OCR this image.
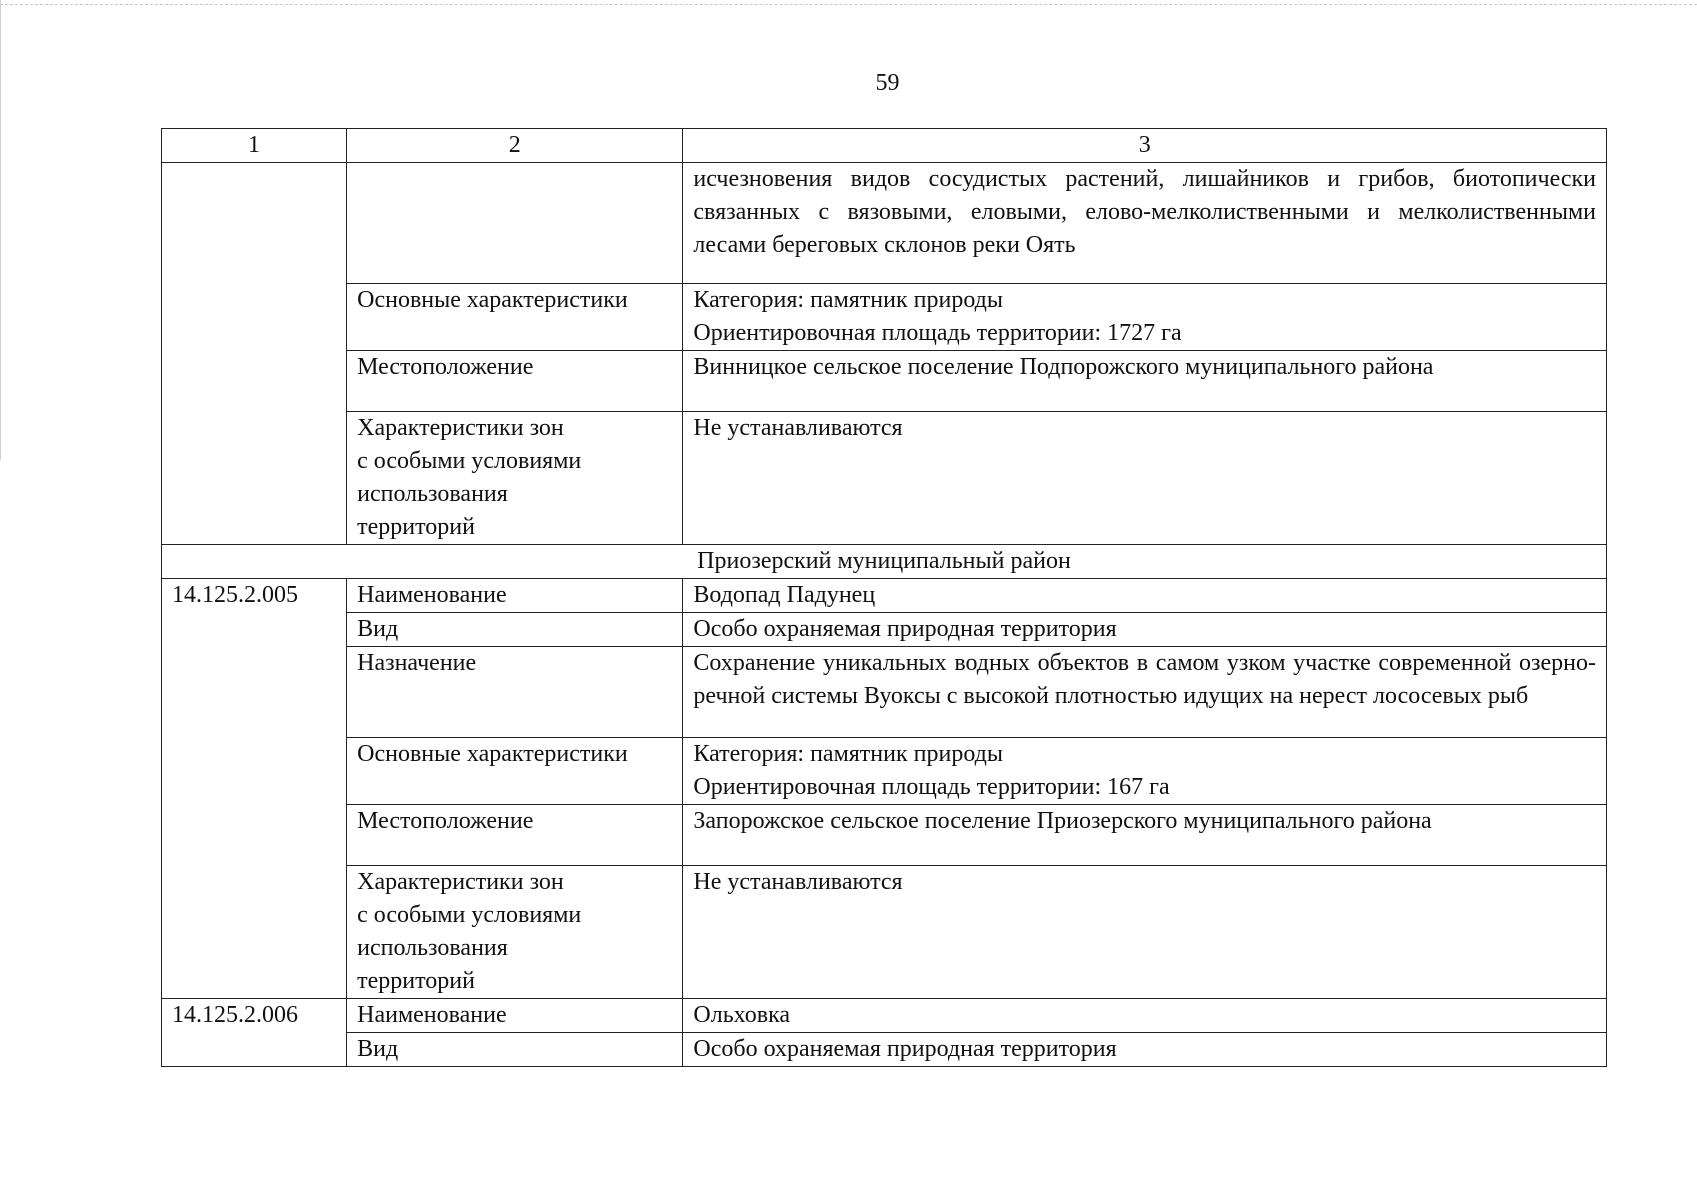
59
1	2	3
		исчезновения видов сосудистых растений, лишайников и грибов, биотопически связанных с вязовыми, еловыми, елово-мелколиственными и мелколиственными лесами береговых склонов реки Оять
	Основные характеристики	Категория: памятник природы
Ориентировочная площадь территории: 1727 га

	Местоположение	Винницкое сельское поселение Подпорожского муниципального района

	Характеристики зон
с особыми условиями
использования
территорий	Не устанавливаются
Приозерский муниципальный район		
14.125.2.005	Наименование	Водопад Падунец
	Вид	Особо охраняемая природная территория
	Назначение	Сохранение уникальных водных объектов в самом узком участке современной озерно-речной системы Вуоксы с высокой плотностью идущих на нерест лососевых рыб
	Основные характеристики	Категория: памятник природы
Ориентировочная площадь территории: 167 га

	Местоположение	Запорожское сельское поселение Приозерского муниципального района

	Характеристики зон
с особыми условиями
использования
территорий	Не устанавливаются
14.125.2.006	Наименование	Ольховка
	Вид	Особо охраняемая природная территория
